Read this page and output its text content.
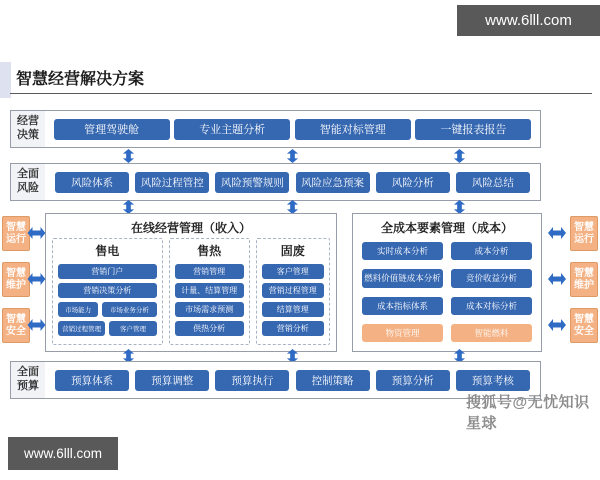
www.6lll.com
www.6lll.com
搜狐号@无忧知识星球
智慧经营解决方案
经营决策	管理驾驶舱	专业主题分析	智能对标管理	一键报表报告
全面风险	风险体系	风险过程管控	风险预警规则	风险应急预案	风险分析	风险总结
在线经营管理（收入）
售电
营销门户
营销决策分析
市场能力	市场业务分析
营销过程管理	客户管理
售热
营销管理
计量、结算管理
市场需求预测
供热分析
固废
客户管理
营销过程管理
结算管理
营销分析
全成本要素管理（成本）
实时成本分析	成本分析
燃料价值链成本分析	竞价收益分析
成本指标体系	成本对标分析
物资管理	智能燃料
智慧运行
智慧维护
智慧安全
智慧运行
智慧维护
智慧安全
全面预算	预算体系	预算调整	预算执行	控制策略	预算分析	预算考核
